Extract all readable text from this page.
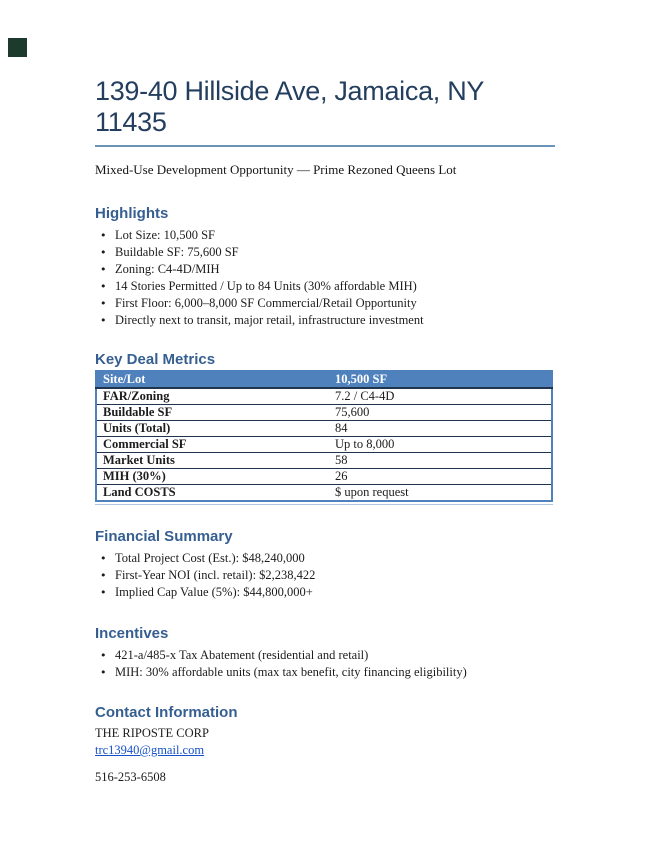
139-40 Hillside Ave, Jamaica, NY 11435

Mixed-Use Development Opportunity — Prime Rezoned Queens Lot

Highlights
• Lot Size: 10,500 SF
• Buildable SF: 75,600 SF
• Zoning: C4-4D/MIH
• 14 Stories Permitted / Up to 84 Units (30% affordable MIH)
• First Floor: 6,000–8,000 SF Commercial/Retail Opportunity
• Directly next to transit, major retail, infrastructure investment
Key Deal Metrics
Site/Lot	10,500 SF
FAR/Zoning	7.2 / C4-4D
Buildable SF	75,600
Units (Total)	84
Commercial SF	Up to 8,000
Market Units	58
MIH (30%)	26
Land COSTS	$ upon request
Financial Summary
• Total Project Cost (Est.): $48,240,000
• First-Year NOI (incl. retail): $2,238,422
• Implied Cap Value (5%): $44,800,000+
Incentives
• 421-a/485-x Tax Abatement (residential and retail)
• MIH: 30% affordable units (max tax benefit, city financing eligibility)
Contact Information

THE RIPOSTE CORP

trc13940@gmail.com

516-253-6508
